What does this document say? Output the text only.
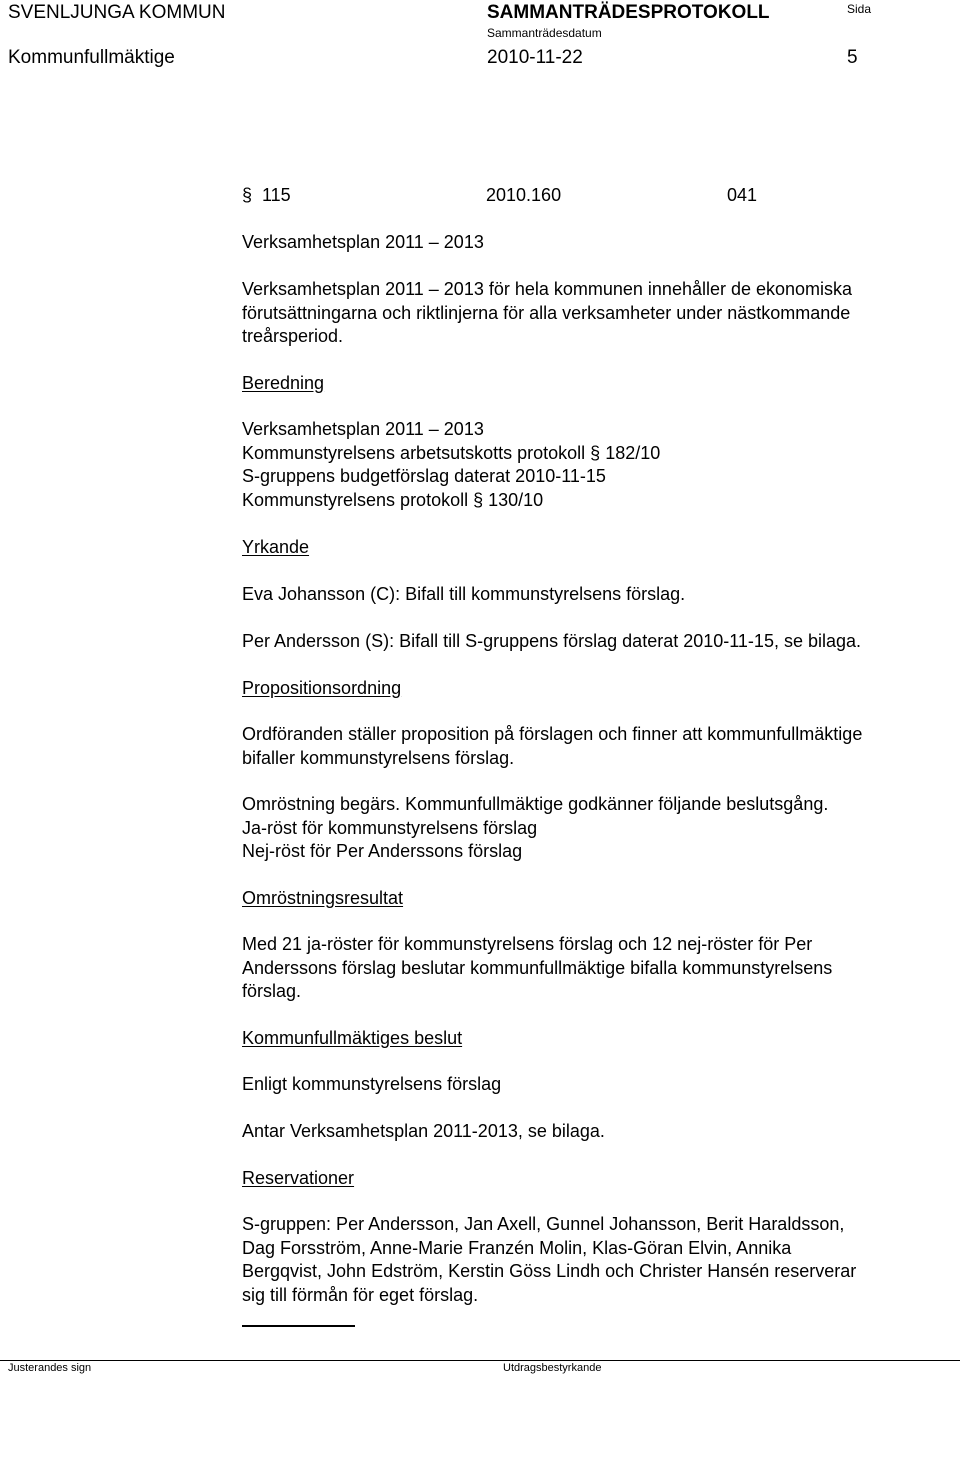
SVENLJUNGA KOMMUN	SAMMANTRÄDESPROTOKOLL
Sammanträdesdatum
Sida
Kommunfullmäktige	2010-11-22	5
§ 115	2010.160	041
Verksamhetsplan 2011 – 2013

Verksamhetsplan 2011 – 2013 för hela kommunen innehåller de ekonomiska

förutsättningarna och riktlinjerna för alla verksamheter under nästkommande

treårsperiod.

Beredning

Verksamhetsplan 2011 – 2013

Kommunstyrelsens arbetsutskotts protokoll § 182/10

S-gruppens budgetförslag daterat 2010-11-15

Kommunstyrelsens protokoll § 130/10

Yrkande
Eva Johansson (C): Bifall till kommunstyrelsens förslag.
Per Andersson (S): Bifall till S-gruppens förslag daterat 2010-11-15, se bilaga.
Propositionsordning

Ordföranden ställer proposition på förslagen och finner att kommunfullmäktige

bifaller kommunstyrelsens förslag.

Omröstning begärs. Kommunfullmäktige godkänner följande beslutsgång.

Ja-röst för kommunstyrelsens förslag

Nej-röst för Per Anderssons förslag

Omröstningsresultat

Med 21 ja-röster för kommunstyrelsens förslag och 12 nej-röster för Per

Anderssons förslag beslutar kommunfullmäktige bifalla kommunstyrelsens

förslag.

Kommunfullmäktiges beslut
Enligt kommunstyrelsens förslag
Antar Verksamhetsplan 2011-2013, se bilaga.
Reservationer

S-gruppen: Per Andersson, Jan Axell, Gunnel Johansson, Berit Haraldsson,

Dag Forsström, Anne-Marie Franzén Molin, Klas-Göran Elvin, Annika

Bergqvist, John Edström, Kerstin Göss Lindh och Christer Hansén reserverar

sig till förmån för eget förslag.

Justerandes sign	Utdragsbestyrkande
